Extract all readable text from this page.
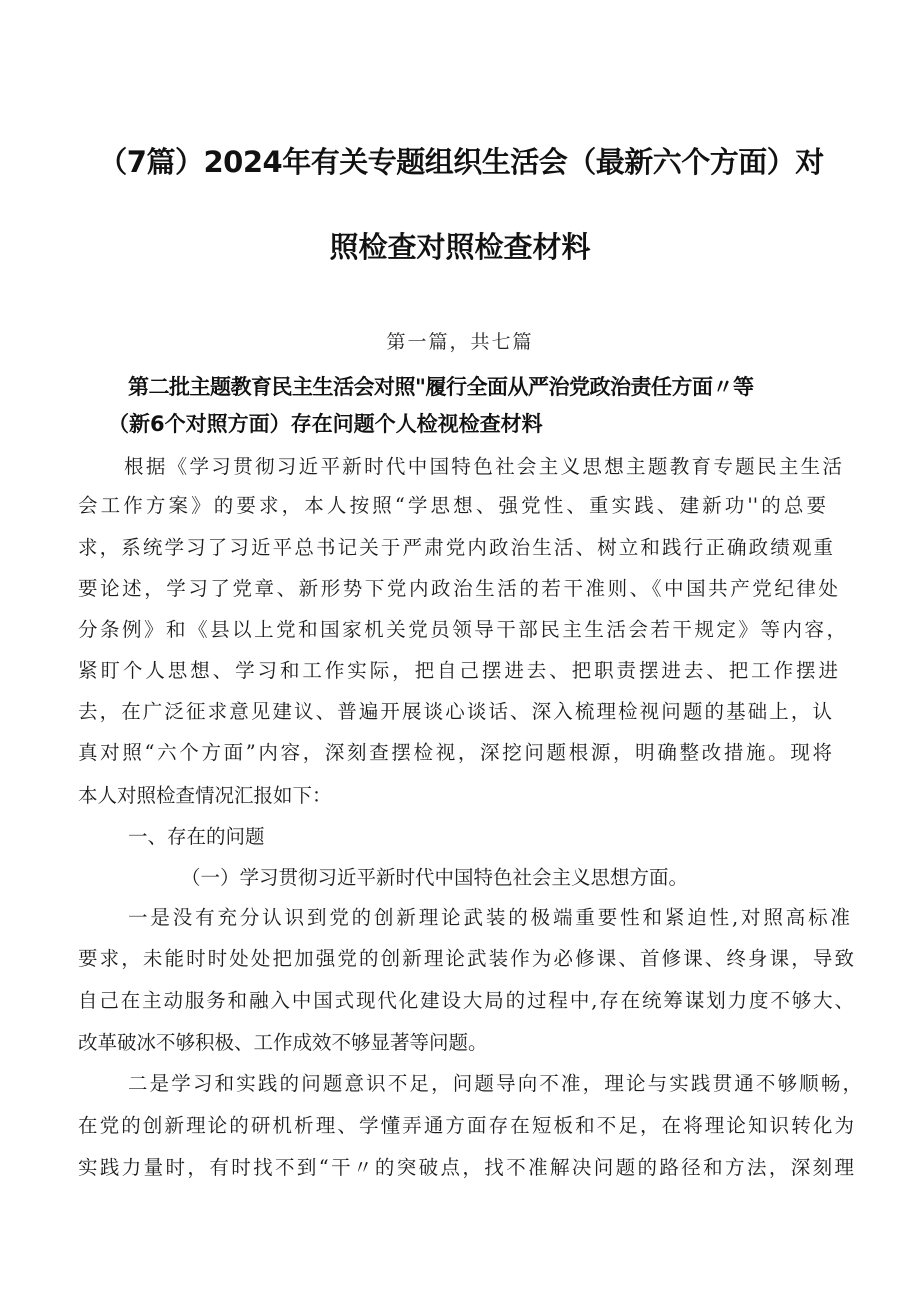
（7篇）2024年有关专题组织生活会（最新六个方面）对
照检查对照检查材料
第一篇，共七篇
第二批主题教育民主生活会对照"履行全面从严治党政治责任方面〃等
（新6个对照方面）存在问题个人检视检查材料
根据《学习贯彻习近平新时代中国特色社会主义思想主题教育专题民主生活
会工作方案》的要求，本人按照“学思想、强党性、重实践、建新功''的总要
求，系统学习了习近平总书记关于严肃党内政治生活、树立和践行正确政绩观重
要论述，学习了党章、新形势下党内政治生活的若干准则、《中国共产党纪律处
分条例》和《县以上党和国家机关党员领导干部民主生活会若干规定》等内容，
紧盯个人思想、学习和工作实际，把自己摆进去、把职责摆进去、把工作摆进
去，在广泛征求意见建议、普遍开展谈心谈话、深入梳理检视问题的基础上，认
真对照“六个方面”内容，深刻查摆检视，深挖问题根源，明确整改措施。现将
本人对照检查情况汇报如下：
一、存在的问题
（一）学习贯彻习近平新时代中国特色社会主义思想方面。
一是没有充分认识到党的创新理论武装的极端重要性和紧迫性,对照高标准
要求，未能时时处处把加强党的创新理论武装作为必修课、首修课、终身课，导致
自己在主动服务和融入中国式现代化建设大局的过程中,存在统筹谋划力度不够大、
改革破冰不够积极、工作成效不够显著等问题。
二是学习和实践的问题意识不足，问题导向不准，理论与实践贯通不够顺畅，
在党的创新理论的研机析理、学懂弄通方面存在短板和不足，在将理论知识转化为
实践力量时，有时找不到“干〃的突破点，找不准解决问题的路径和方法，深刻理
